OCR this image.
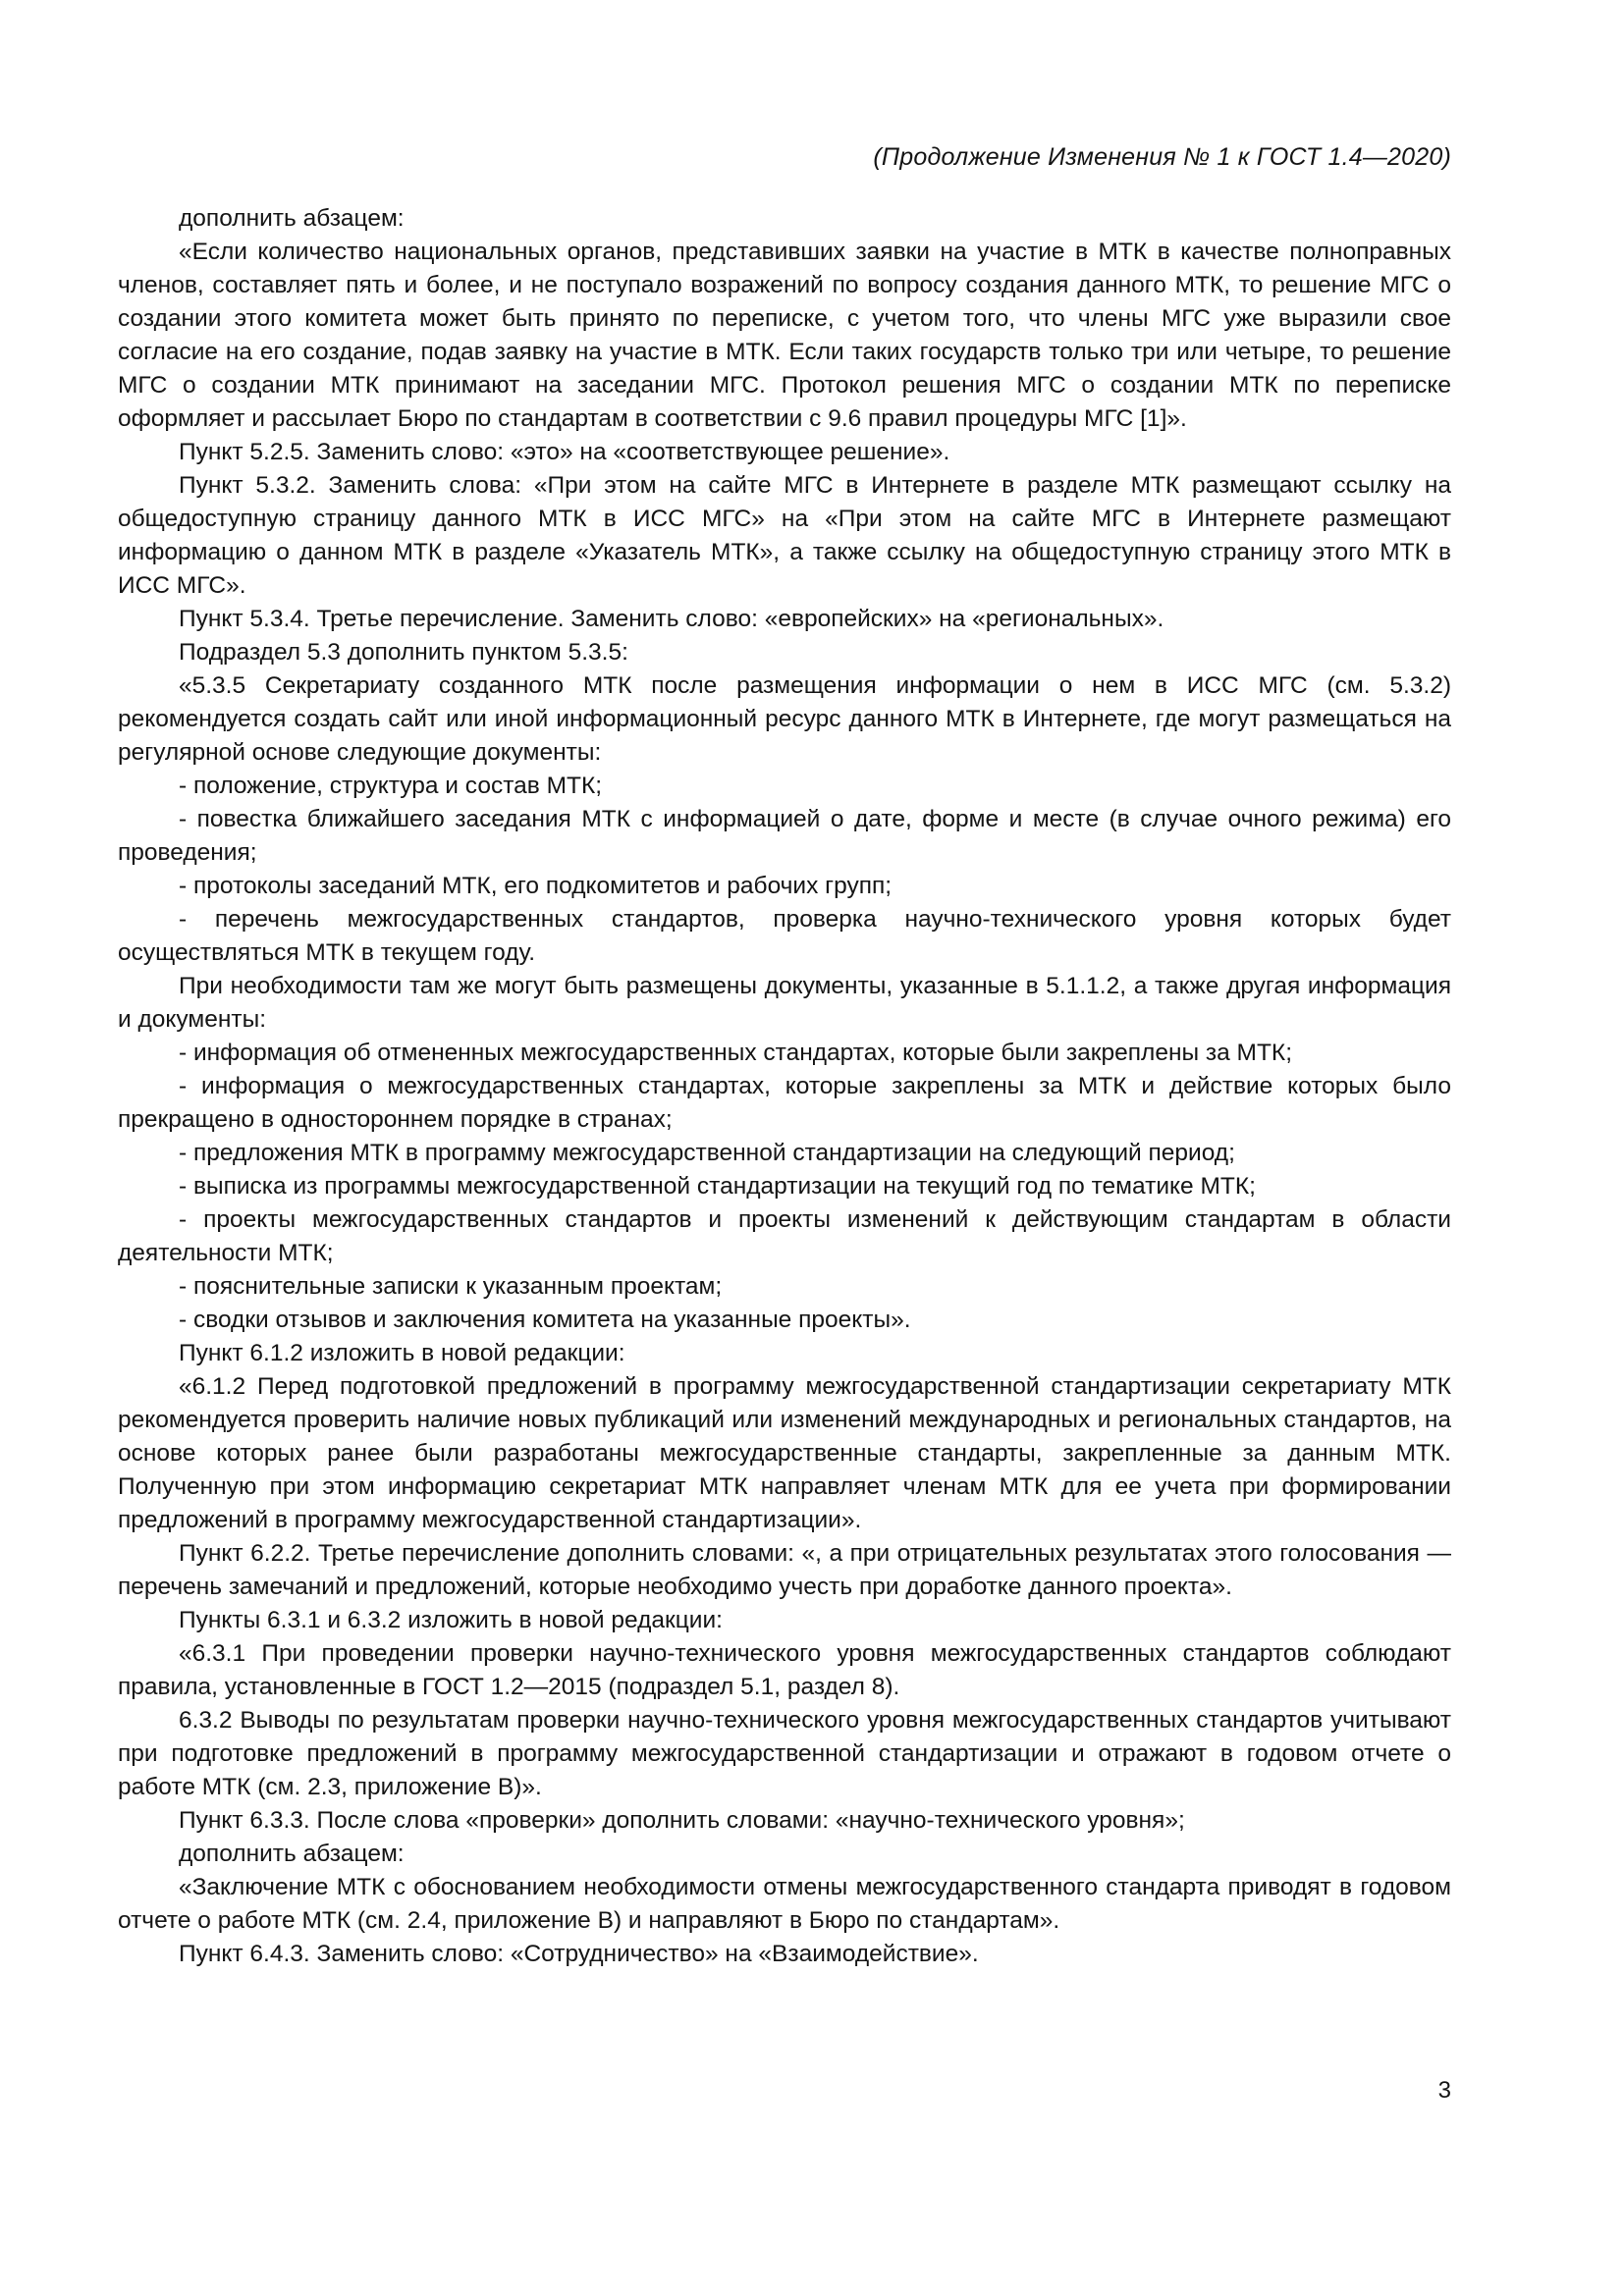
(Продолжение Изменения № 1 к ГОСТ 1.4—2020)

дополнить абзацем:

«Если количество национальных органов, представивших заявки на участие в МТК в качестве полноправных членов, составляет пять и более, и не поступало возражений по вопросу создания данного МТК, то решение МГС о создании этого комитета может быть принято по переписке, с учетом того, что члены МГС уже выразили свое согласие на его создание, подав заявку на участие в МТК. Если таких государств только три или четыре, то решение МГС о создании МТК принимают на заседании МГС. Протокол решения МГС о создании МТК по переписке оформляет и рассылает Бюро по стандартам в соответствии с 9.6 правил процедуры МГС [1]».

Пункт 5.2.5. Заменить слово: «это» на «соответствующее решение».

Пункт 5.3.2. Заменить слова: «При этом на сайте МГС в Интернете в разделе МТК размещают ссылку на общедоступную страницу данного МТК в ИСС МГС» на «При этом на сайте МГС в Интернете размещают информацию о данном МТК в разделе «Указатель МТК», а также ссылку на общедоступную страницу этого МТК в ИСС МГС».

Пункт 5.3.4. Третье перечисление. Заменить слово: «европейских» на «региональных».

Подраздел 5.3 дополнить пунктом 5.3.5:

«5.3.5 Секретариату созданного МТК после размещения информации о нем в ИСС МГС (см. 5.3.2) рекомендуется создать сайт или иной информационный ресурс данного МТК в Интернете, где могут размещаться на регулярной основе следующие документы:

- положение, структура и состав МТК;

- повестка ближайшего заседания МТК с информацией о дате, форме и месте (в случае очного режима) его проведения;

- протоколы заседаний МТК, его подкомитетов и рабочих групп;

- перечень межгосударственных стандартов, проверка научно-технического уровня которых будет осуществляться МТК в текущем году.

При необходимости там же могут быть размещены документы, указанные в 5.1.1.2, а также другая информация и документы:

- информация об отмененных межгосударственных стандартах, которые были закреплены за МТК;

- информация о межгосударственных стандартах, которые закреплены за МТК и действие которых было прекращено в одностороннем порядке в странах;

- предложения МТК в программу межгосударственной стандартизации на следующий период;

- выписка из программы межгосударственной стандартизации на текущий год по тематике МТК;

- проекты межгосударственных стандартов и проекты изменений к действующим стандартам в области деятельности МТК;

- пояснительные записки к указанным проектам;

- сводки отзывов и заключения комитета на указанные проекты».

Пункт 6.1.2 изложить в новой редакции:

«6.1.2 Перед подготовкой предложений в программу межгосударственной стандартизации секретариату МТК рекомендуется проверить наличие новых публикаций или изменений международных и региональных стандартов, на основе которых ранее были разработаны межгосударственные стандарты, закрепленные за данным МТК. Полученную при этом информацию секретариат МТК направляет членам МТК для ее учета при формировании предложений в программу межгосударственной стандартизации».

Пункт 6.2.2. Третье перечисление дополнить словами: «, а при отрицательных результатах этого голосования — перечень замечаний и предложений, которые необходимо учесть при доработке данного проекта».

Пункты 6.3.1 и 6.3.2 изложить в новой редакции:

«6.3.1 При проведении проверки научно-технического уровня межгосударственных стандартов соблюдают правила, установленные в ГОСТ 1.2—2015 (подраздел 5.1, раздел 8).

6.3.2 Выводы по результатам проверки научно-технического уровня межгосударственных стандартов учитывают при подготовке предложений в программу межгосударственной стандартизации и отражают в годовом отчете о работе МТК (см. 2.3, приложение В)».

Пункт 6.3.3. После слова «проверки» дополнить словами: «научно-технического уровня»;

дополнить абзацем:

«Заключение МТК с обоснованием необходимости отмены межгосударственного стандарта приводят в годовом отчете о работе МТК (см. 2.4, приложение В) и направляют в Бюро по стандартам».

Пункт 6.4.3. Заменить слово: «Сотрудничество» на «Взаимодействие».

3
